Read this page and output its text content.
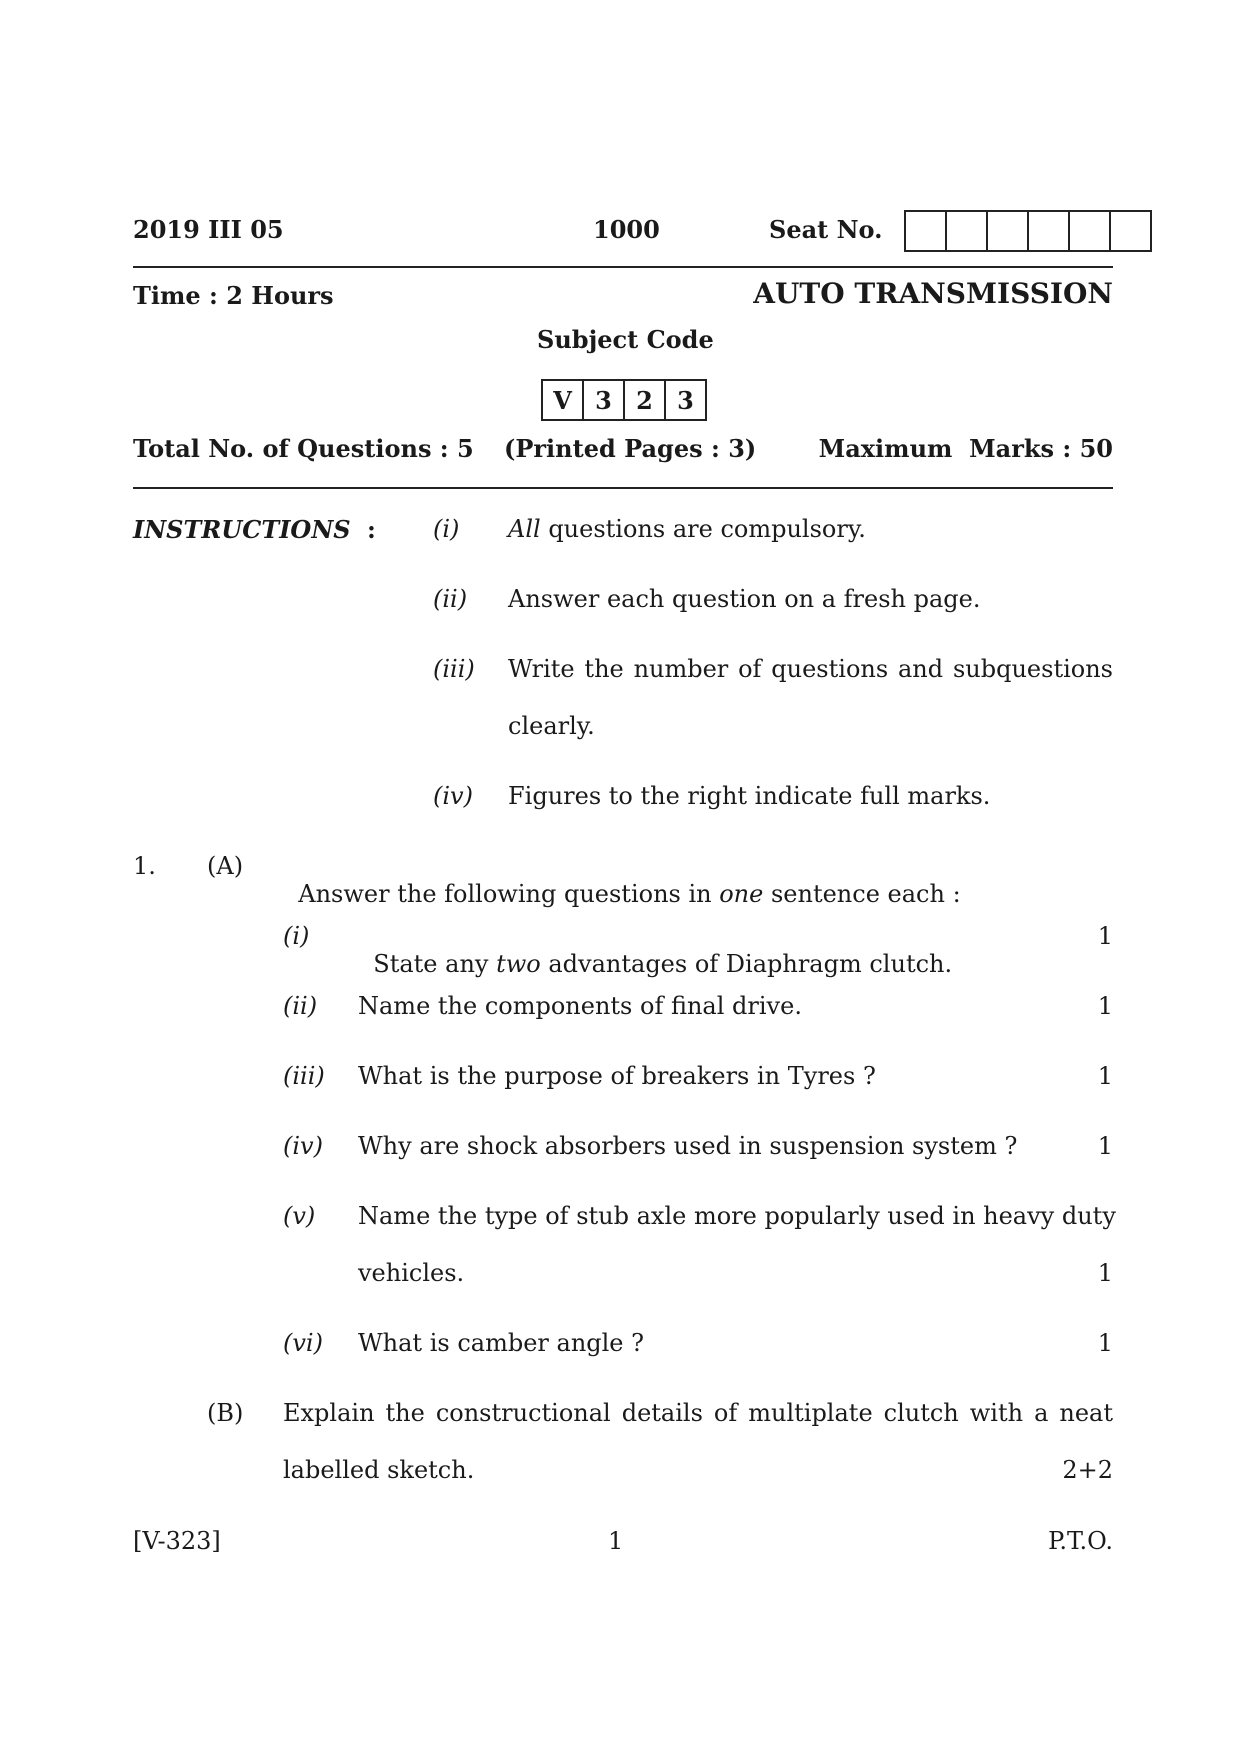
2019 III 05	1000	Seat No.
Time : 2 Hours	AUTO TRANSMISSION
Subject Code
V 3	2	3
Total No. of Questions : 5 (Printed Pages : 3)	Maximum  Marks : 50
INSTRUCTIONS : (i) All questions are compulsory.
(ii) Answer each question on a fresh page.
(iii) Write the number of questions and subquestions
clearly.
(iv) Figures to the right indicate full marks.
1. (A)

Answer the following questions in one sentence each :

(i)

State any two advantages of Diaphragm clutch.

1
(ii) Name the components of final drive.	1
(iii) What is the purpose of breakers in Tyres ?	1
(iv) Why are shock absorbers used in suspension system ?	1
(v) Name the type of stub axle more popularly used in heavy duty
vehicles.	1
(vi) What is camber angle ?	1
(B) Explain the constructional details of multiplate clutch with a neat
labelled sketch.	2+2
[V-323]	1	P.T.O.
